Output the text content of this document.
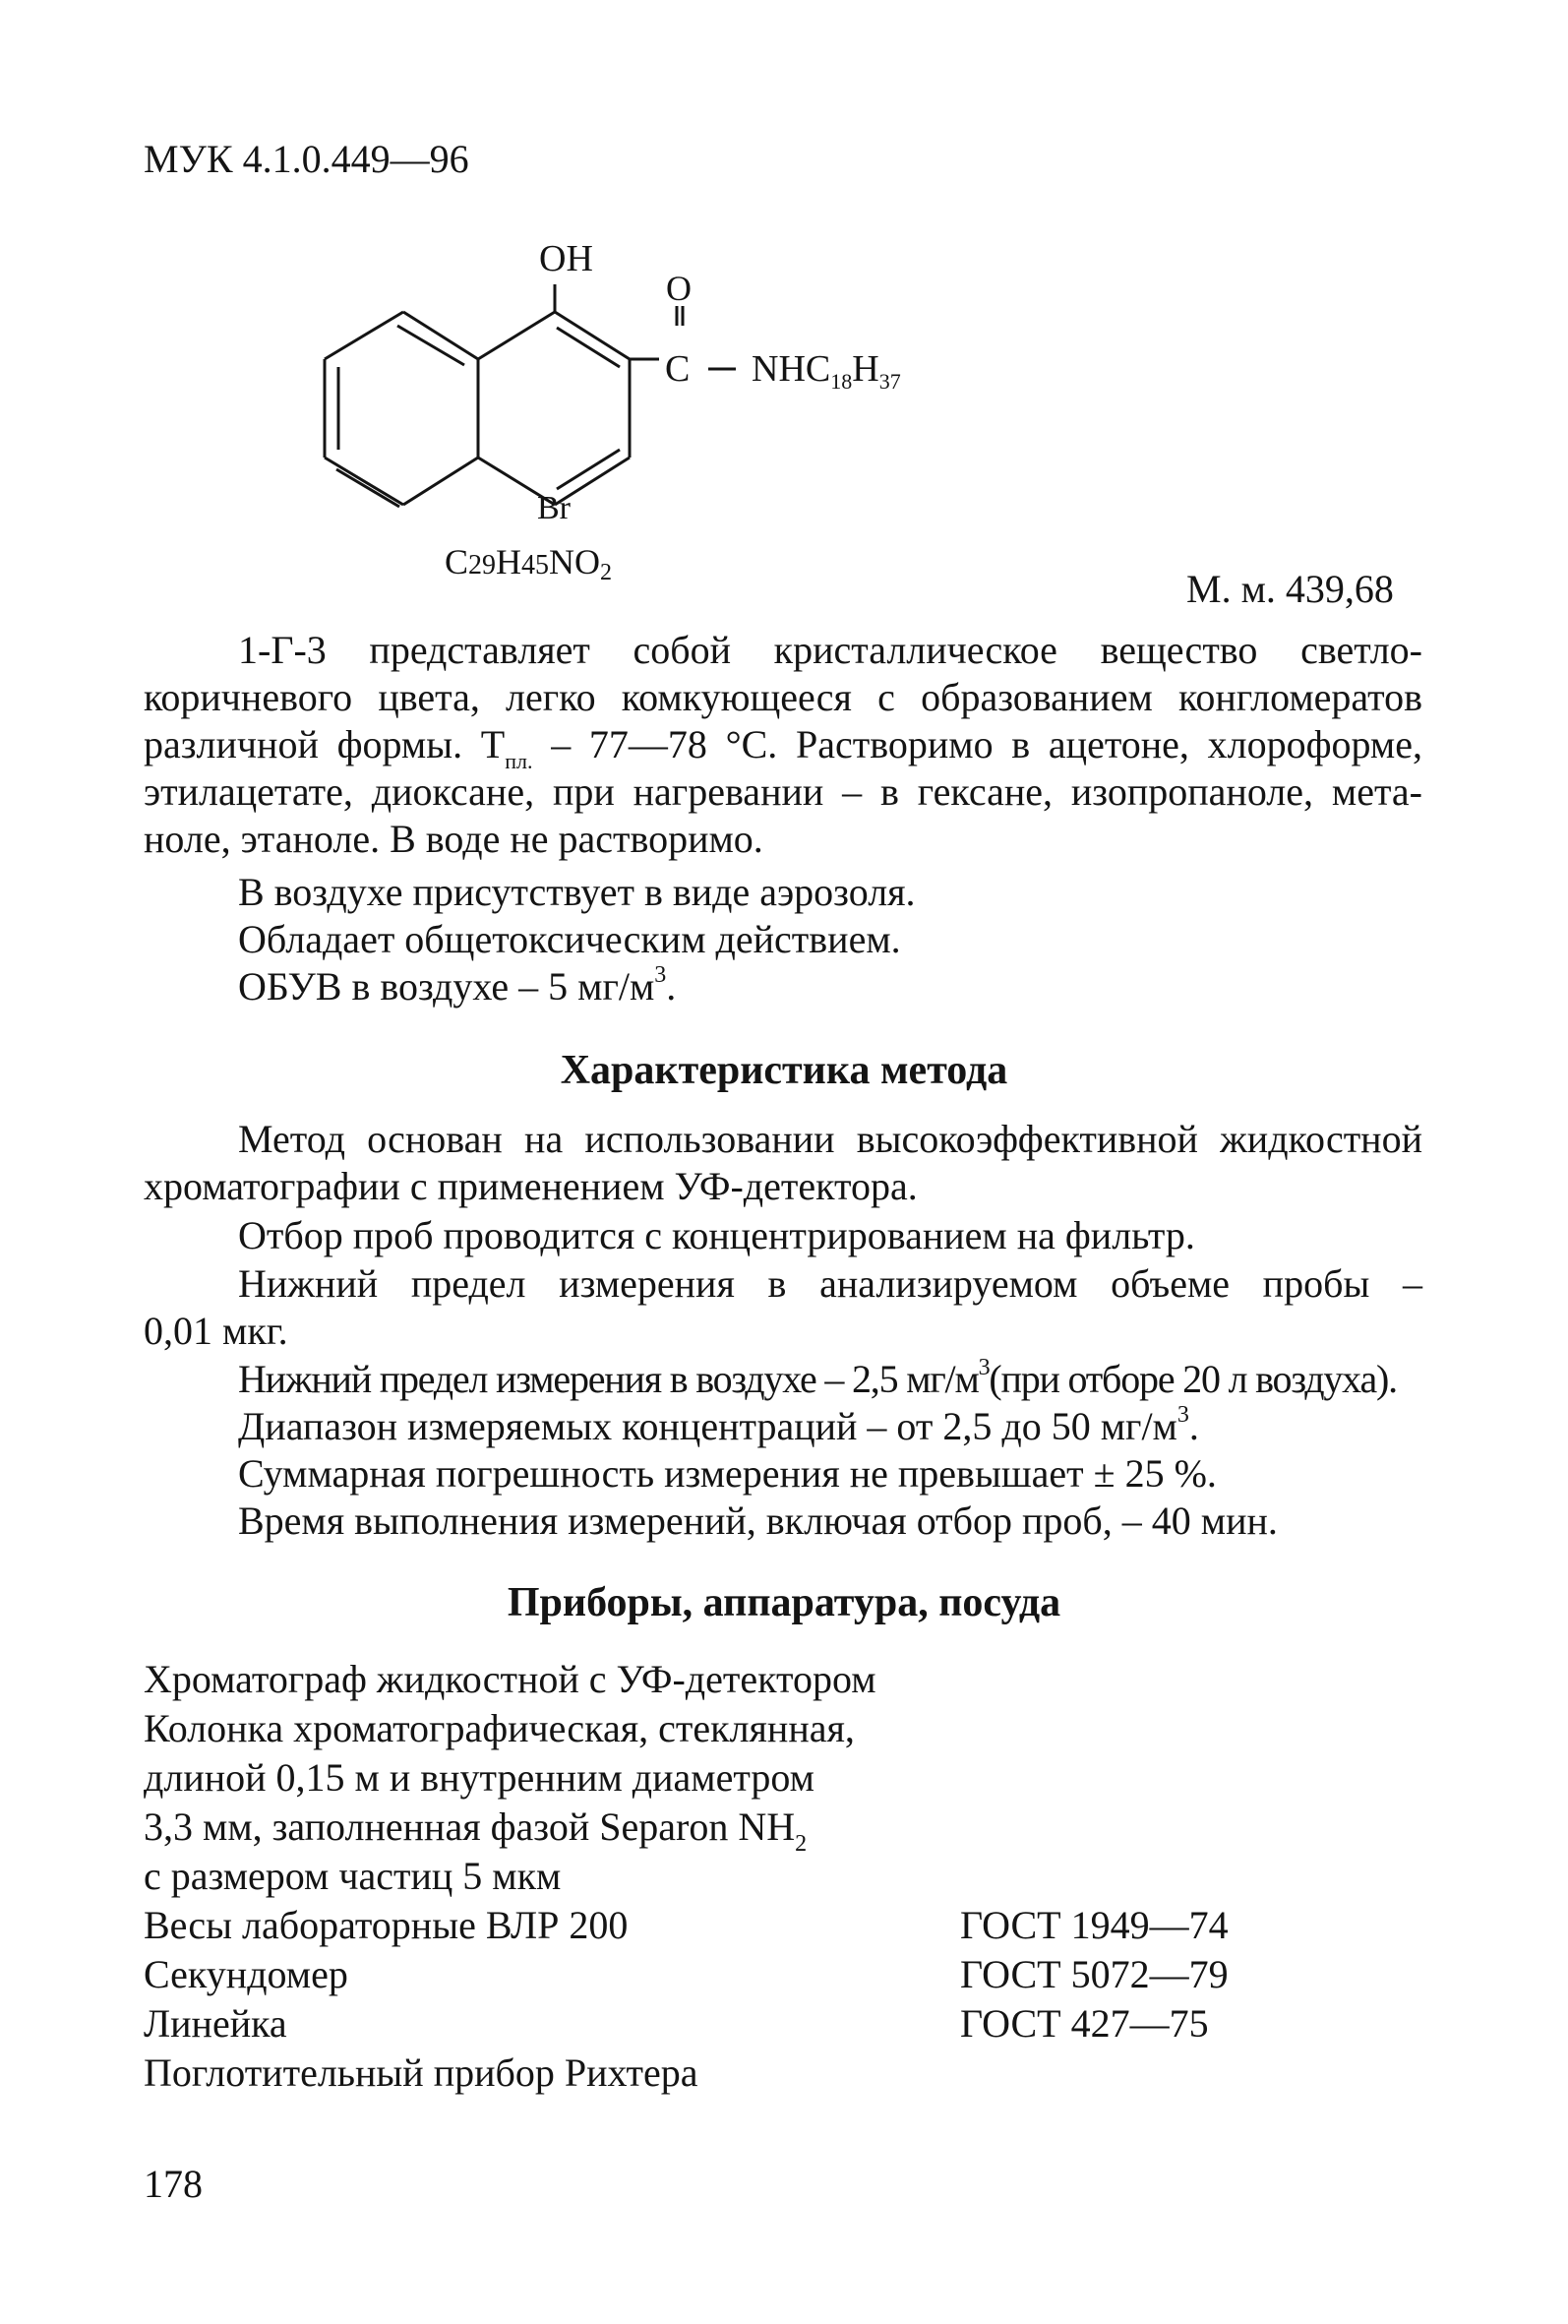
МУК 4.1.0.449—96
OH
O
C $NHC_{18}H_{37}$
Br
C29H45NO2	М. м. 439,68
1-Г-3 представляет собой кристаллическое вещество светло-
коричневого цвета, легко комкующееся с образованием конгломератов
различной формы. $Т_{пл.}$ – 77—78 °С. Растворимо в ацетоне, хлороформе,
этилацетате, диоксане, при нагревании – в гексане, изопропаноле, мета-
ноле, этаноле. В воде не растворимо.
В воздухе присутствует в виде аэрозоля.
Обладает общетоксическим действием.
ОБУВ в воздухе – 5 $мг/м^3$.
Характеристика метода
Метод основан на использовании высокоэффективной жидкостной
хроматографии с применением УФ-детектора.
Отбор проб проводится с концентрированием на фильтр.
Нижний предел измерения в анализируемом объеме пробы –
0,01 мкг.
Нижний предел измерения в воздухе – 2,5 $мг/м^3(при$ отборе 20 л воздуха).
Диапазон измеряемых концентраций – от 2,5 до 50 $мг/м^3$.
Суммарная погрешность измерения не превышает ± 25 %.
Время выполнения измерений, включая отбор проб, – 40 мин.
Приборы, аппаратура, посуда
Хроматограф жидкостной с УФ-детектором
Колонка хроматографическая, стеклянная,
длиной 0,15 м и внутренним диаметром
3,3 мм, заполненная фазой Separon $NH_2$
с размером частиц 5 мкм
Весы лабораторные ВЛР 200	ГОСТ 1949—74
Секундомер	ГОСТ 5072—79
Линейка	ГОСТ 427—75
Поглотительный прибор Рихтера
178
